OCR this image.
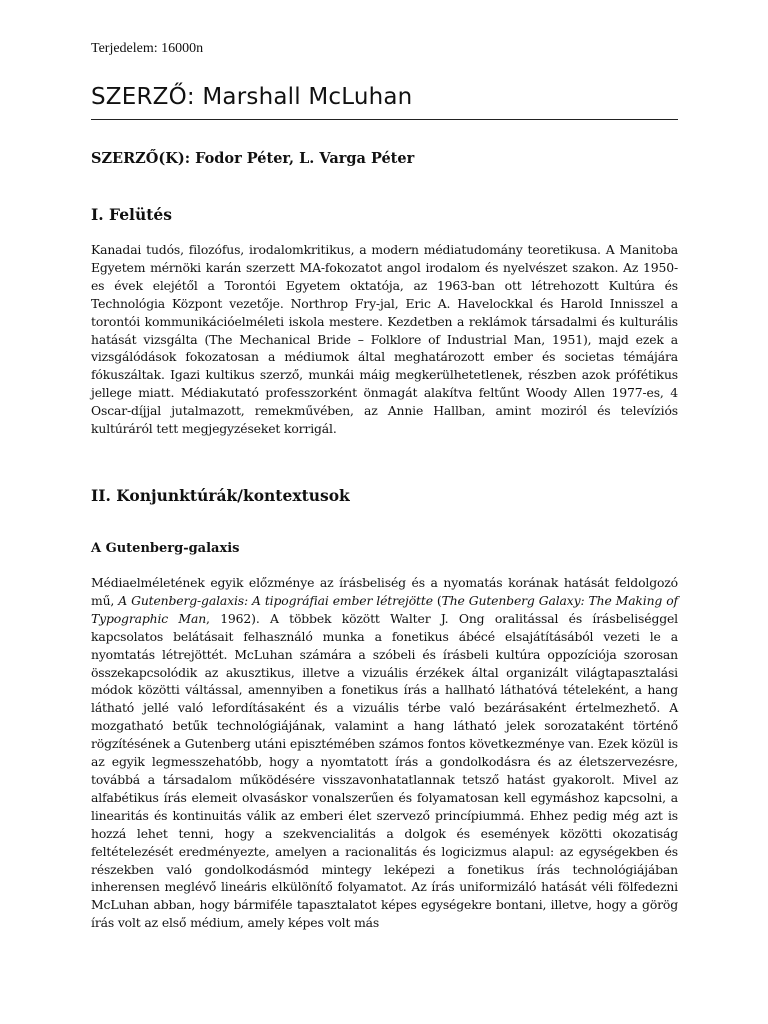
Terjedelem: 16000n
SZERZŐ: Marshall McLuhan
SZERZŐ(K): Fodor Péter, L. Varga Péter
I. Felütés

Kanadai tudós, filozófus, irodalomkritikus, a modern médiatudomány teoretikusa. A Manitoba Egyetem mérnöki karán szerzett MA-fokozatot angol irodalom és nyelvészet szakon. Az 1950-es évek elejétől a Torontói Egyetem oktatója, az 1963-ban ott létrehozott Kultúra és Technológia Központ vezetője. Northrop Fry-jal, Eric A. Havelockkal és Harold Innisszel a torontói kommunikációelméleti iskola mestere. Kezdetben a reklámok társadalmi és kulturális hatását vizsgálta (The Mechanical Bride – Folklore of Industrial Man, 1951), majd ezek a vizsgálódások fokozatosan a médiumok által meghatározott ember és societas témájára fókuszáltak. Igazi kultikus szerző, munkái máig megkerülhetetlenek, részben azok prófétikus jellege miatt. Médiakutató professzorként önmagát alakítva feltűnt Woody Allen 1977-es, 4 Oscar-díjjal jutalmazott, remekművében, az Annie Hallban, amint moziról és televíziós kultúráról tett megjegyzéseket korrigál.

II. Konjunktúrák/kontextusok
A Gutenberg-galaxis

Médiaelméletének egyik előzménye az írásbeliség és a nyomatás korának hatását feldolgozó mű, A Gutenberg-galaxis: A tipográfiai ember létrejötte (The Gutenberg Galaxy: The Making of Typographic Man, 1962). A többek között Walter J. Ong oralitással és írásbeliséggel kapcsolatos belátásait felhasználó munka a fonetikus ábécé elsajátításából vezeti le a nyomtatás létrejöttét. McLuhan számára a szóbeli és írásbeli kultúra oppozíciója szorosan összekapcsolódik az akusztikus, illetve a vizuális érzékek által organizált világtapasztalási módok közötti váltással, amennyiben a fonetikus írás a hallható láthatóvá tételeként, a hang látható jellé való lefordításaként és a vizuális térbe való bezárásaként értelmezhető. A mozgatható betűk technológiájának, valamint a hang látható jelek sorozataként történő rögzítésének a Gutenberg utáni episztémében számos fontos következménye van. Ezek közül is az egyik legmesszehatóbb, hogy a nyomtatott írás a gondolkodásra és az életszervezésre, továbbá a társadalom működésére visszavonhatatlannak tetsző hatást gyakorolt. Mivel az alfabétikus írás elemeit olvasáskor vonalszerűen és folyamatosan kell egymáshoz kapcsolni, a linearitás és kontinuitás válik az emberi élet szervező princípiummá. Ehhez pedig még azt is hozzá lehet tenni, hogy a szekvencialitás a dolgok és események közötti okozatiság feltételezését eredményezte, amelyen a racionalitás és logicizmus alapul: az egységekben és részekben való gondolkodásmód mintegy leképezi a fonetikus írás technológiájában inherensen meglévő lineáris elkülönítő folyamatot. Az írás uniformizáló hatását véli fölfedezni McLuhan abban, hogy bármiféle tapasztalatot képes egységekre bontani, illetve, hogy a görög írás volt az első médium, amely képes volt más
